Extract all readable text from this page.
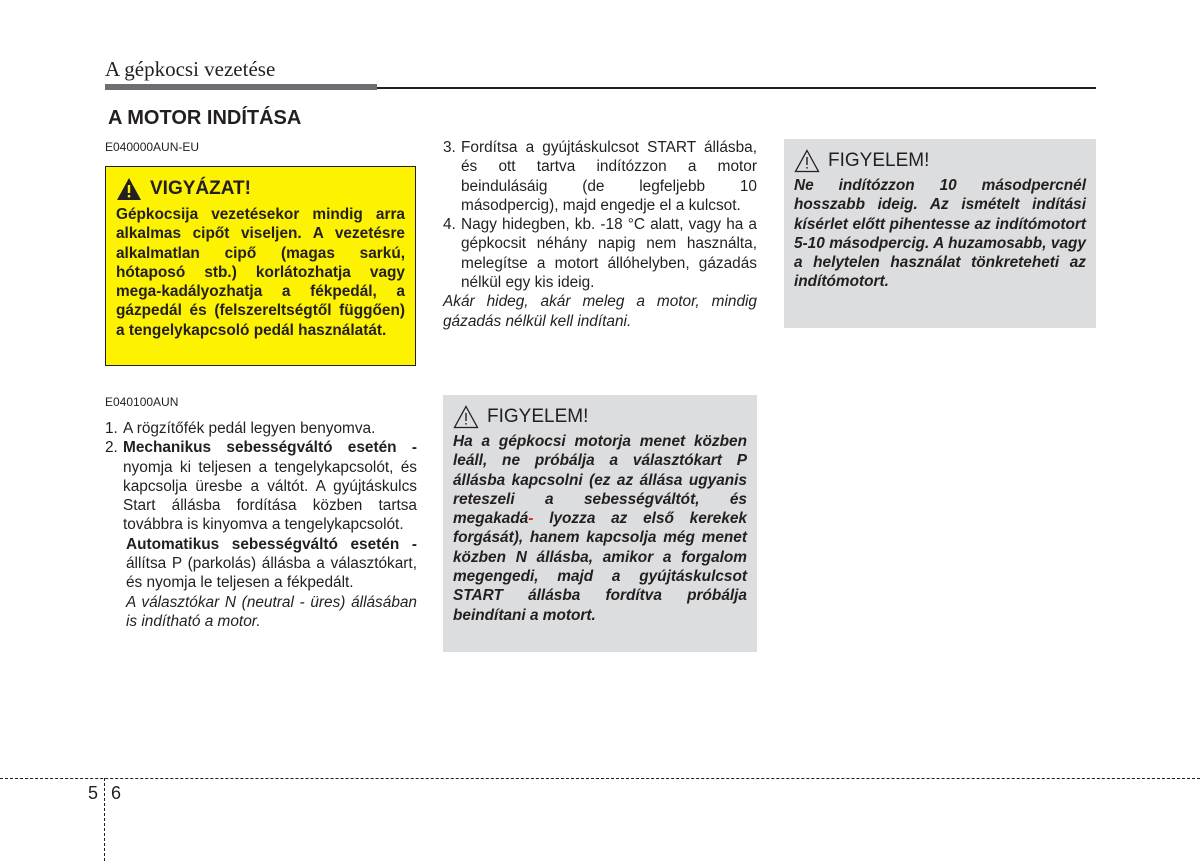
A gépkocsi vezetése
A MOTOR INDÍTÁSA
E040000AUN-EU
VIGYÁZAT!
Gépkocsija vezetésekor mindig arra alkalmas cipőt viseljen. A vezetésre alkalmatlan cipő (magas sarkú, hótaposó stb.) korlátozhatja vagy mega-kadályozhatja a fékpedál, a gázpedál és (felszereltségtől függően) a tengelykapcsoló pedál használatát.
E040100AUN
1. A rögzítőfék pedál legyen benyomva.
2. Mechanikus sebességváltó esetén - nyomja ki teljesen a tengelykapcsolót, és kapcsolja üresbe a váltót. A gyújtáskulcs Start állásba fordítása közben tartsa továbbra is kinyomva a tengelykapcsolót.

Automatikus sebességváltó esetén - állítsa P (parkolás) állásba a választókart, és nyomja le teljesen a fékpedált.

A választókar N (neutral - üres) állásában is indítható a motor.

3. Fordítsa a gyújtáskulcsot START állásba, és ott tartva indítózzon a motor beindulásáig (de legfeljebb 10 másodpercig), majd engedje el a kulcsot.
4. Nagy hidegben, kb. -18 °C alatt, vagy ha a gépkocsit néhány napig nem használta, melegítse a motort állóhelyben, gázadás nélkül egy kis ideig.

Akár hideg, akár meleg a motor, mindig gázadás nélkül kell indítani.

FIGYELEM!
Ha a gépkocsi motorja menet közben leáll, ne próbálja a választókart P állásba kapcsolni (ez az állása ugyanis reteszeli a sebességváltót, és megakadá- lyozza az első kerekek forgását), hanem kapcsolja még menet közben N állásba, amikor a forgalom megengedi, majd a gyújtáskulcsot START állásba fordítva próbálja beindítani a motort.
FIGYELEM!
Ne indítózzon 10 másodpercnél hosszabb ideig. Az ismételt indítási kísérlet előtt pihentesse az indítómotort 5-10 másodpercig. A huzamosabb, vagy a helytelen használat tönkreteheti az indítómotort.
5 6
